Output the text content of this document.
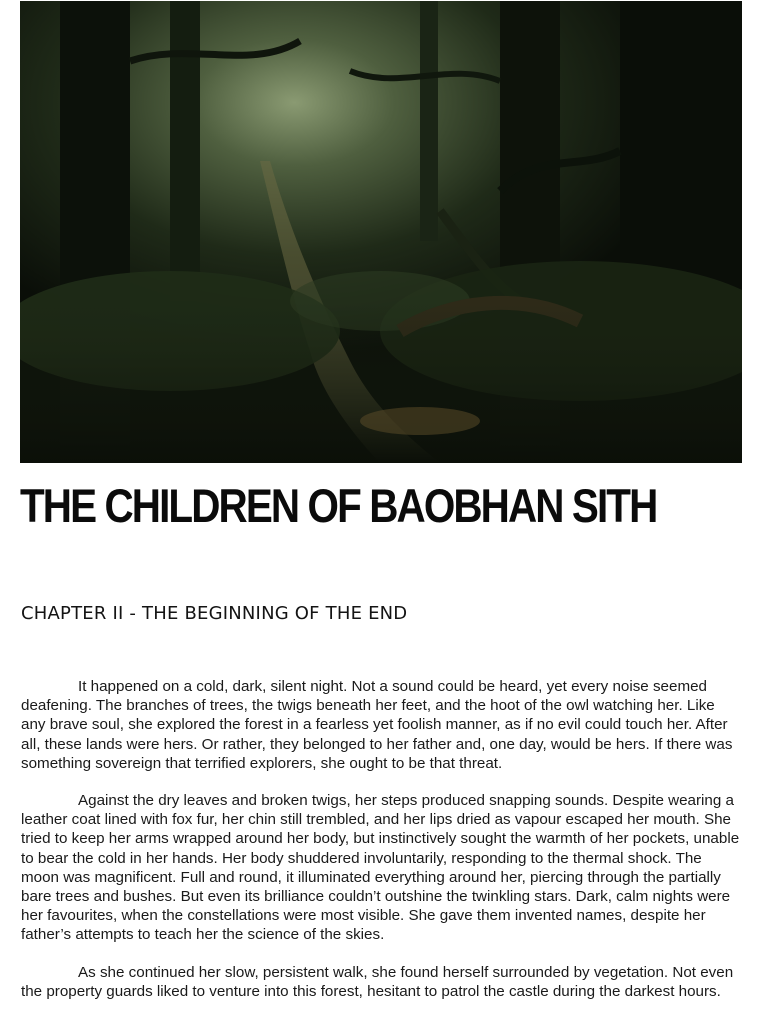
THE CHILDREN OF BAOBHAN SITH
CHAPTER II - THE BEGINNING OF THE END

It happened on a cold, dark, silent night. Not a sound could be heard, yet every noise seemed deafening. The branches of trees, the twigs beneath her feet, and the hoot of the owl watching her. Like any brave soul, she explored the forest in a fearless yet foolish manner, as if no evil could touch her. After all, these lands were hers. Or rather, they belonged to her father and, one day, would be hers. If there was something sovereign that terrified explorers, she ought to be that threat.

Against the dry leaves and broken twigs, her steps produced snapping sounds. Despite wearing a leather coat lined with fox fur, her chin still trembled, and her lips dried as vapour escaped her mouth. She tried to keep her arms wrapped around her body, but instinctively sought the warmth of her pockets, unable to bear the cold in her hands. Her body shuddered involuntarily, responding to the thermal shock. The moon was magnificent. Full and round, it illuminated everything around her, piercing through the partially bare trees and bushes. But even its brilliance couldn’t outshine the twinkling stars. Dark, calm nights were her favourites, when the constellations were most visible. She gave them invented names, despite her father’s attempts to teach her the science of the skies.

As she continued her slow, persistent walk, she found herself surrounded by vegetation. Not even the property guards liked to venture into this forest, hesitant to patrol the castle during the darkest hours.
